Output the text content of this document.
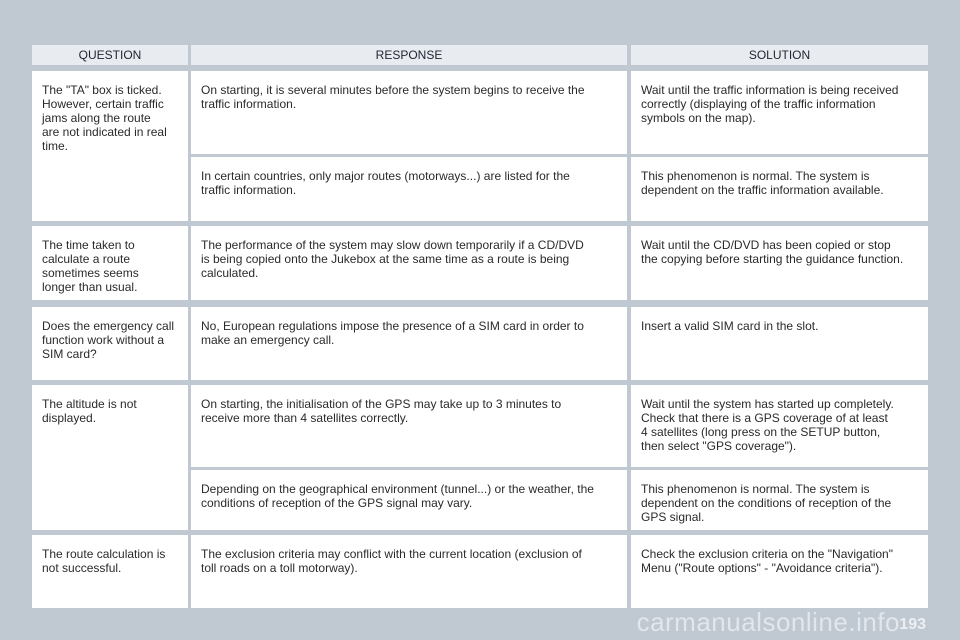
QUESTION	RESPONSE	SOLUTION
The "TA" box is ticked.
However, certain traffic
jams along the route
are not indicated in real
time.
On starting, it is several minutes before the system begins to receive the
traffic information.
Wait until the traffic information is being received
correctly (displaying of the traffic information
symbols on the map).
In certain countries, only major routes (motorways...) are listed for the
traffic information.
This phenomenon is normal. The system is
dependent on the traffic information available.
The time taken to
calculate a route
sometimes seems
longer than usual.
The performance of the system may slow down temporarily if a CD/DVD
is being copied onto the Jukebox at the same time as a route is being
calculated.
Wait until the CD/DVD has been copied or stop
the copying before starting the guidance function.
Does the emergency call
function work without a
SIM card?
No, European regulations impose the presence of a SIM card in order to
make an emergency call.
Insert a valid SIM card in the slot.
The altitude is not
displayed.
On starting, the initialisation of the GPS may take up to 3 minutes to
receive more than 4 satellites correctly.
Wait until the system has started up completely.
Check that there is a GPS coverage of at least
4 satellites (long press on the SETUP button,
then select "GPS coverage").
Depending on the geographical environment (tunnel...) or the weather, the
conditions of reception of the GPS signal may vary.
This phenomenon is normal. The system is
dependent on the conditions of reception of the
GPS signal.
The route calculation is
not successful.
The exclusion criteria may conflict with the current location (exclusion of
toll roads on a toll motorway).
Check the exclusion criteria on the "Navigation"
Menu ("Route options" - "Avoidance criteria").
carmanualsonline.info 193
